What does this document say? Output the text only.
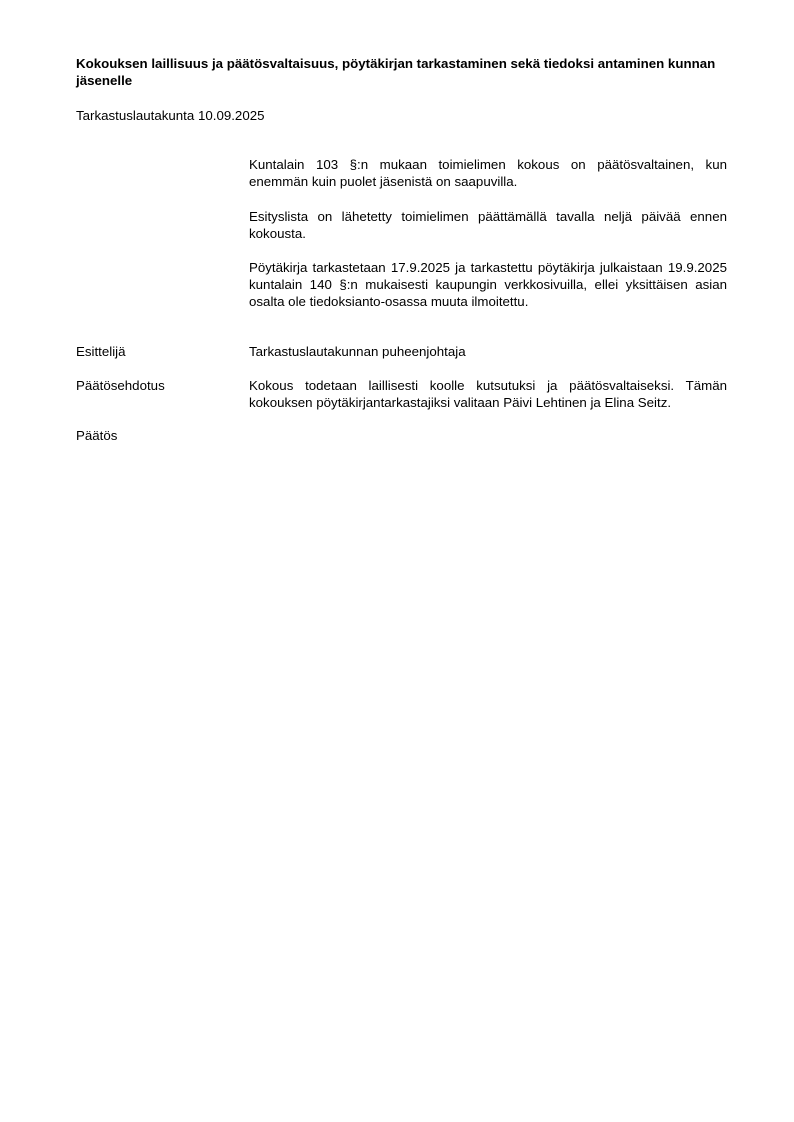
Kokouksen laillisuus ja päätösvaltaisuus, pöytäkirjan tarkastaminen sekä tiedoksi antaminen kunnan jäsenelle
Tarkastuslautakunta 10.09.2025
Kuntalain 103 §:n mukaan toimielimen kokous on päätösvaltainen, kun enemmän kuin puolet jäsenistä on saapuvilla.
Esityslista on lähetetty toimielimen päättämällä tavalla neljä päivää ennen kokousta.
Pöytäkirja tarkastetaan 17.9.2025 ja tarkastettu pöytäkirja julkaistaan 19.9.2025 kuntalain 140 §:n mukaisesti kaupungin verkkosivuilla, ellei yksittäisen asian osalta ole tiedoksianto-osassa muuta ilmoitettu.
Esittelijä	Tarkastuslautakunnan puheenjohtaja
Päätösehdotus	Kokous todetaan laillisesti koolle kutsutuksi ja päätösvaltaiseksi. Tämän kokouksen pöytäkirjantarkastajiksi valitaan Päivi Lehtinen ja Elina Seitz.
Päätös
